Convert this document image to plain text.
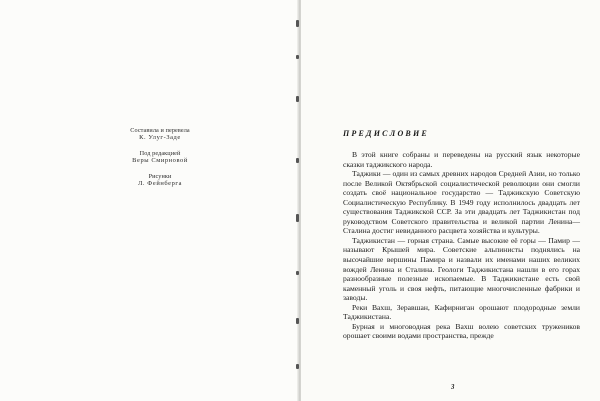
Составила и перевела
К. Улуг-Заде
Под редакцией
Веры Смирновой
Рисунки
Л. Фейнберга
ПРЕДИСЛОВИЕ

В этой книге собраны и переведены на русский язык некоторые сказки таджикского народа.

Таджики — один из самых древних народов Средней Азии, но только после Великой Октябрьской социалистической революции они смогли создать своё национальное государство — Таджикскую Советскую Социалистическую Республику. В 1949 году исполнилось двадцать лет существования Таджикской ССР. За эти двадцать лет Таджикистан под руководством Советского правительства и великой партии Ленина—Сталина достиг невиданного расцвета хозяйства и культуры.

Таджикистан — горная страна. Самые высокие её горы — Памир — называют Крышей мира. Советские альпинисты поднялись на высочайшие вершины Памира и назвали их именами наших великих вождей Ленина и Сталина. Геологи Таджикистана нашли в его горах разнообразные полезные ископаемые. В Таджикистане есть свой каменный уголь и своя нефть, питающие многочисленные фабрики и заводы.

Реки Вахш, Зеравшан, Кафирниган орошают плодородные земли Таджикистана.

Бурная и многоводная река Вахш волею советских тружеников орошает своими водами пространства, прежде

3
